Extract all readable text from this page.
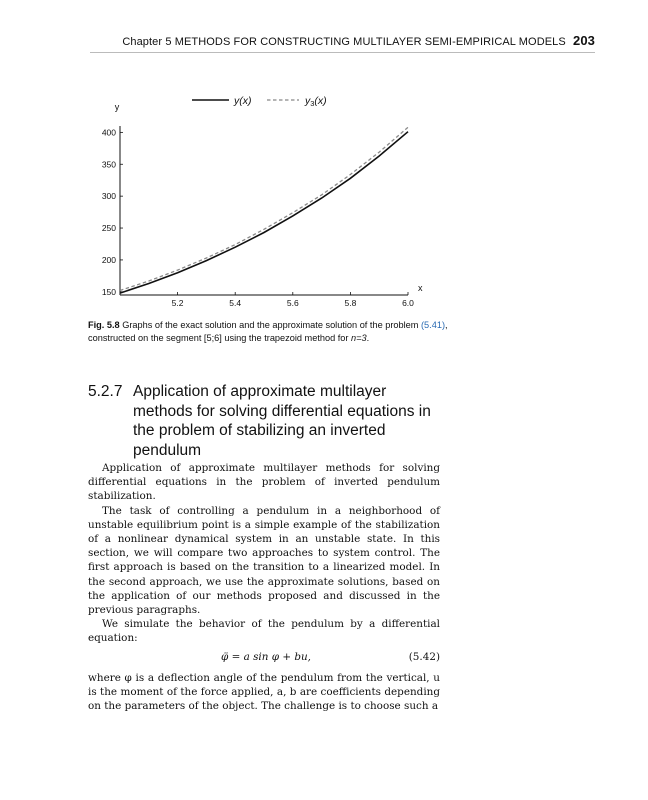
Chapter 5 METHODS FOR CONSTRUCTING MULTILAYER SEMI-EMPIRICAL MODELS 203
x
y
5.2	5.4	5.6	5.8	6.0
150
200
250
300
350
400
y(x)	y3(x)
Fig. 5.8 Graphs of the exact solution and the approximate solution of the problem (5.41), constructed on the segment [5;6] using the trapezoid method for n=3.
5.2.7 Application of approximate multilayer methods for solving differential equations in the problem of stabilizing an inverted pendulum

Application of approximate multilayer methods for solving differential equations in the problem of inverted pendulum stabilization.

The task of controlling a pendulum in a neighborhood of unstable equilibrium point is a simple example of the stabilization of a nonlinear dynamical system in an unstable state. In this section, we will compare two approaches to system control. The first approach is based on the transition to a linearized model. In the second approach, we use the approximate solutions, based on the application of our methods proposed and discussed in the previous paragraphs.

We simulate the behavior of the pendulum by a differential equation:

φ̈ = a sin φ + bu,	(5.42)

where φ is a deflection angle of the pendulum from the vertical, u is the moment of the force applied, a, b are coefficients depending on the parameters of the object. The challenge is to choose such a
